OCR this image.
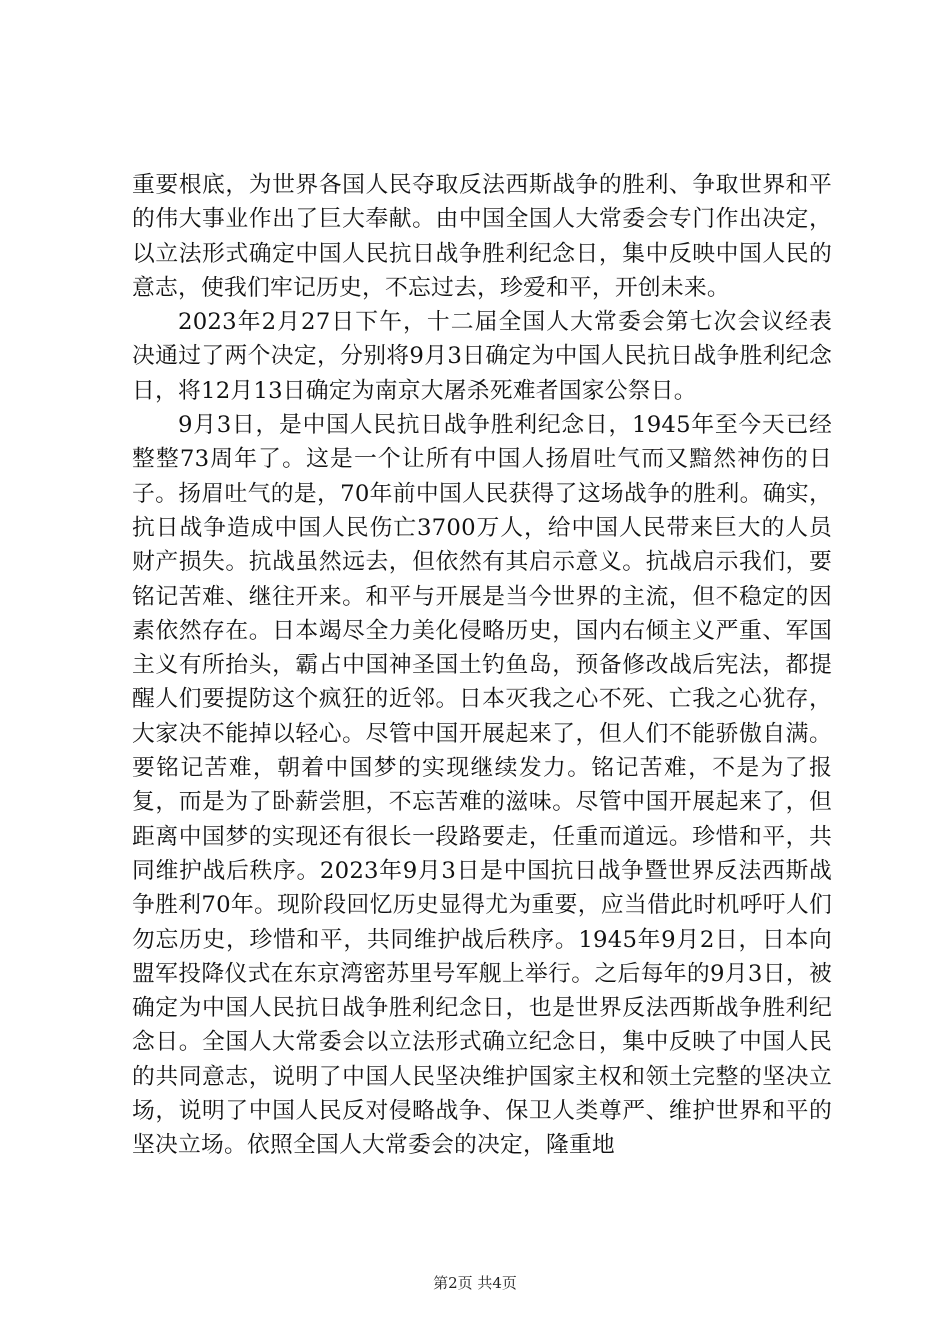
重要根底，为世界各国人民夺取反法西斯战争的胜利、争取世界和平的伟大事业作出了巨大奉献。由中国全国人大常委会专门作出决定，以立法形式确定中国人民抗日战争胜利纪念日，集中反映中国人民的意志，使我们牢记历史，不忘过去，珍爱和平，开创未来。

2023年2月27日下午，十二届全国人大常委会第七次会议经表决通过了两个决定，分别将9月3日确定为中国人民抗日战争胜利纪念日，将12月13日确定为南京大屠杀死难者国家公祭日。

9月3日，是中国人民抗日战争胜利纪念日，1945年至今天已经整整73周年了。这是一个让所有中国人扬眉吐气而又黯然神伤的日子。扬眉吐气的是，70年前中国人民获得了这场战争的胜利。确实，抗日战争造成中国人民伤亡3700万人，给中国人民带来巨大的人员财产损失。抗战虽然远去，但依然有其启示意义。抗战启示我们，要铭记苦难、继往开来。和平与开展是当今世界的主流，但不稳定的因素依然存在。日本竭尽全力美化侵略历史，国内右倾主义严重、军国主义有所抬头，霸占中国神圣国土钓鱼岛，预备修改战后宪法，都提醒人们要提防这个疯狂的近邻。日本灭我之心不死、亡我之心犹存，大家决不能掉以轻心。尽管中国开展起来了，但人们不能骄傲自满。要铭记苦难，朝着中国梦的实现继续发力。铭记苦难，不是为了报复，而是为了卧薪尝胆，不忘苦难的滋味。尽管中国开展起来了，但距离中国梦的实现还有很长一段路要走，任重而道远。珍惜和平，共同维护战后秩序。2023年9月3日是中国抗日战争暨世界反法西斯战争胜利70年。现阶段回忆历史显得尤为重要，应当借此时机呼吁人们勿忘历史，珍惜和平，共同维护战后秩序。1945年9月2日，日本向盟军投降仪式在东京湾密苏里号军舰上举行。之后每年的9月3日，被确定为中国人民抗日战争胜利纪念日，也是世界反法西斯战争胜利纪念日。全国人大常委会以立法形式确立纪念日，集中反映了中国人民的共同意志，说明了中国人民坚决维护国家主权和领土完整的坚决立场，说明了中国人民反对侵略战争、保卫人类尊严、维护世界和平的坚决立场。依照全国人大常委会的决定，隆重地

第2页 共4页
